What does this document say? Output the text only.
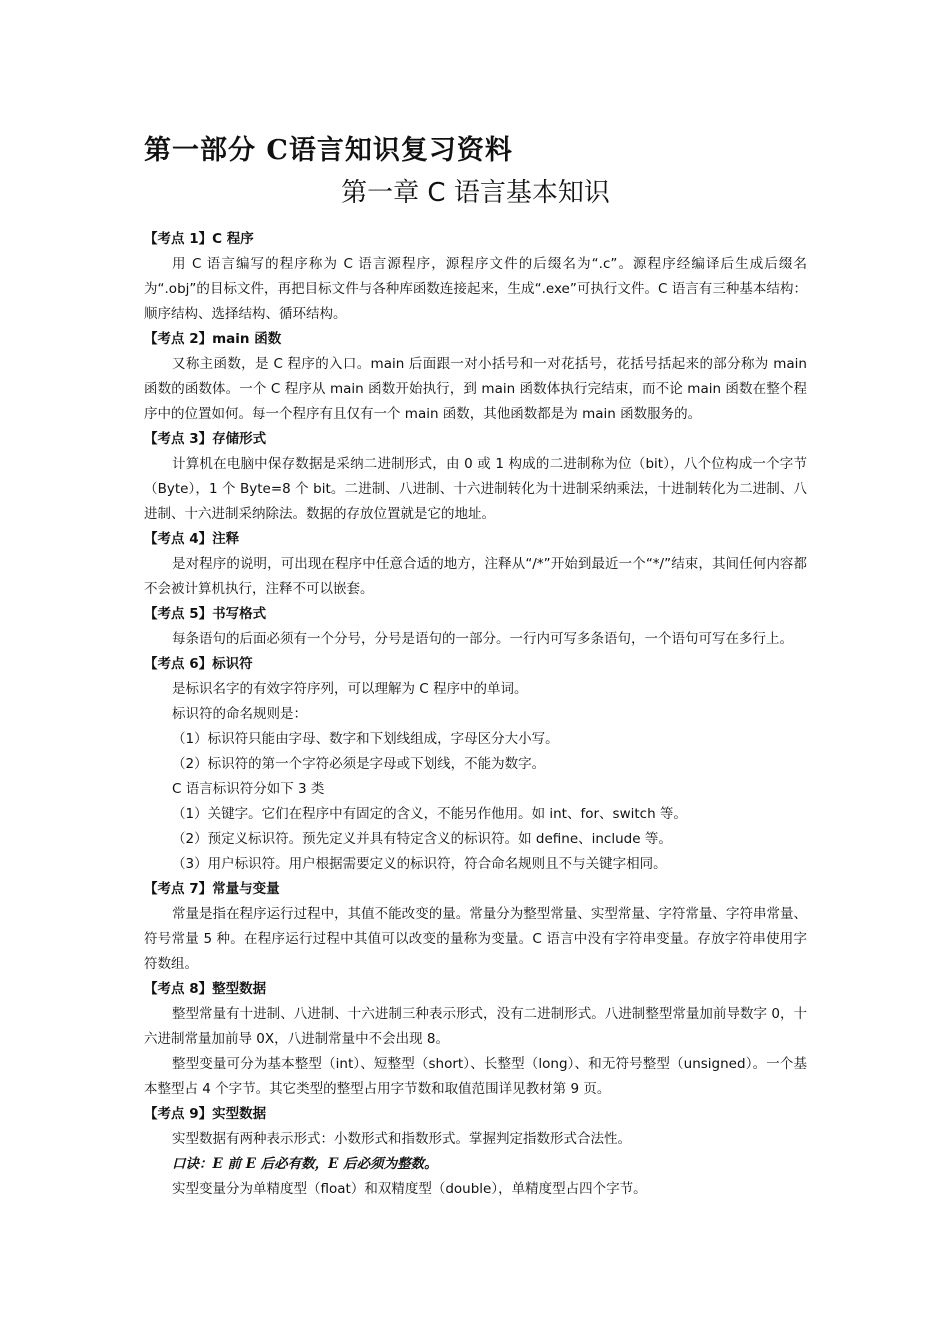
第一部分 C语言知识复习资料
第一章 C 语言基本知识
【考点 1】C 程序

用 C 语言编写的程序称为 C 语言源程序，源程序文件的后缀名为“.c”。源程序经编译后生成后缀名为“.obj”的目标文件，再把目标文件与各种库函数连接起来，生成“.exe”可执行文件。C 语言有三种基本结构：顺序结构、选择结构、循环结构。

【考点 2】main 函数

又称主函数，是 C 程序的入口。main 后面跟一对小括号和一对花括号，花括号括起来的部分称为 main 函数的函数体。一个 C 程序从 main 函数开始执行，到 main 函数体执行完结束，而不论 main 函数在整个程序中的位置如何。每一个程序有且仅有一个 main 函数，其他函数都是为 main 函数服务的。

【考点 3】存储形式

计算机在电脑中保存数据是采纳二进制形式，由 0 或 1 构成的二进制称为位（bit），八个位构成一个字节（Byte），1 个 Byte=8 个 bit。二进制、八进制、十六进制转化为十进制采纳乘法，十进制转化为二进制、八进制、十六进制采纳除法。数据的存放位置就是它的地址。

【考点 4】注释

是对程序的说明，可出现在程序中任意合适的地方，注释从“/*”开始到最近一个“*/”结束，其间任何内容都不会被计算机执行，注释不可以嵌套。

【考点 5】书写格式

每条语句的后面必须有一个分号，分号是语句的一部分。一行内可写多条语句，一个语句可写在多行上。

【考点 6】标识符

是标识名字的有效字符序列，可以理解为 C 程序中的单词。

标识符的命名规则是：

（1）标识符只能由字母、数字和下划线组成，字母区分大小写。

（2）标识符的第一个字符必须是字母或下划线，不能为数字。

C 语言标识符分如下 3 类

（1）关键字。它们在程序中有固定的含义，不能另作他用。如 int、for、switch 等。

（2）预定义标识符。预先定义并具有特定含义的标识符。如 define、include 等。

（3）用户标识符。用户根据需要定义的标识符，符合命名规则且不与关键字相同。

【考点 7】常量与变量

常量是指在程序运行过程中，其值不能改变的量。常量分为整型常量、实型常量、字符常量、字符串常量、符号常量 5 种。在程序运行过程中其值可以改变的量称为变量。C 语言中没有字符串变量。存放字符串使用字符数组。

【考点 8】整型数据

整型常量有十进制、八进制、十六进制三种表示形式，没有二进制形式。八进制整型常量加前导数字 0，十六进制常量加前导 0X，八进制常量中不会出现 8。

整型变量可分为基本整型（int）、短整型（short）、长整型（long）、和无符号整型（unsigned）。一个基本整型占 4 个字节。其它类型的整型占用字节数和取值范围详见教材第 9 页。

【考点 9】实型数据

实型数据有两种表示形式：小数形式和指数形式。掌握判定指数形式合法性。

口诀：E 前 E 后必有数，E 后必须为整数。

实型变量分为单精度型（float）和双精度型（double），单精度型占四个字节。
